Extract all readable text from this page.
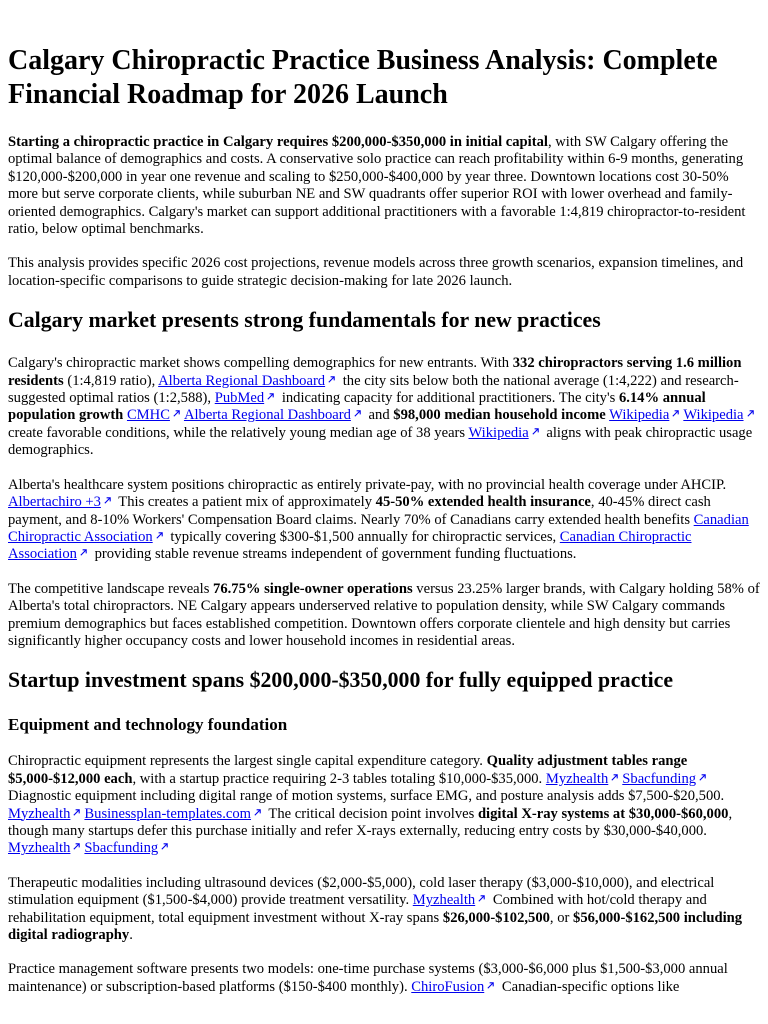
Calgary Chiropractic Practice Business Analysis: Complete Financial Roadmap for 2026 Launch

Starting a chiropractic practice in Calgary requires $200,000-$350,000 in initial capital, with SW Calgary offering the optimal balance of demographics and costs. A conservative solo practice can reach profitability within 6-9 months, generating $120,000-$200,000 in year one revenue and scaling to $250,000-$400,000 by year three. Downtown locations cost 30-50% more but serve corporate clients, while suburban NE and SW quadrants offer superior ROI with lower overhead and family-oriented demographics. Calgary's market can support additional practitioners with a favorable 1:4,819 chiropractor-to-resident ratio, below optimal benchmarks.

This analysis provides specific 2026 cost projections, revenue models across three growth scenarios, expansion timelines, and location-specific comparisons to guide strategic decision-making for late 2026 launch.

Calgary market presents strong fundamentals for new practices

Calgary's chiropractic market shows compelling demographics for new entrants. With 332 chiropractors serving 1.6 million residents (1:4,819 ratio), Alberta Regional Dashboard
the city sits below both the national average (1:4,222) and research-suggested optimal ratios (1:2,588), PubMed
indicating capacity for additional practitioners. The city's 6.14% annual population growth CMHC Alberta Regional Dashboard
and $98,000 median household income Wikipedia Wikipedia
create favorable conditions, while the relatively young median age of 38 years Wikipedia
aligns with peak chiropractic usage demographics.

Alberta's healthcare system positions chiropractic as entirely private-pay, with no provincial health coverage under AHCIP. Albertachiro +3
This creates a patient mix of approximately 45-50% extended health insurance, 40-45% direct cash payment, and 8-10% Workers' Compensation Board claims. Nearly 70% of Canadians carry extended health benefits Canadian Chiropractic Association
typically covering $300-$1,500 annually for chiropractic services, Canadian Chiropractic Association
providing stable revenue streams independent of government funding fluctuations.

The competitive landscape reveals 76.75% single-owner operations versus 23.25% larger brands, with Calgary holding 58% of Alberta's total chiropractors. NE Calgary appears underserved relative to population density, while SW Calgary commands premium demographics but faces established competition. Downtown offers corporate clientele and high density but carries significantly higher occupancy costs and lower household incomes in residential areas.

Startup investment spans $200,000-$350,000 for fully equipped practice
Equipment and technology foundation

Chiropractic equipment represents the largest single capital expenditure category. Quality adjustment tables range $5,000-$12,000 each, with a startup practice requiring 2-3 tables totaling $10,000-$35,000. Myzhealth Sbacfunding
Diagnostic equipment including digital range of motion systems, surface EMG, and posture analysis adds $7,500-$20,500. Myzhealth Businessplan-templates.com
The critical decision point involves digital X-ray systems at $30,000-$60,000, though many startups defer this purchase initially and refer X-rays externally, reducing entry costs by $30,000-$40,000. Myzhealth Sbacfunding

Therapeutic modalities including ultrasound devices ($2,000-$5,000), cold laser therapy ($3,000-$10,000), and electrical stimulation equipment ($1,500-$4,000) provide treatment versatility. Myzhealth
Combined with hot/cold therapy and rehabilitation equipment, total equipment investment without X-ray spans $26,000-$102,500, or $56,000-$162,500 including digital radiography.

Practice management software presents two models: one-time purchase systems ($3,000-$6,000 plus $1,500-$3,000 annual maintenance) or subscription-based platforms ($150-$400 monthly). ChiroFusion
Canadian-specific options like
